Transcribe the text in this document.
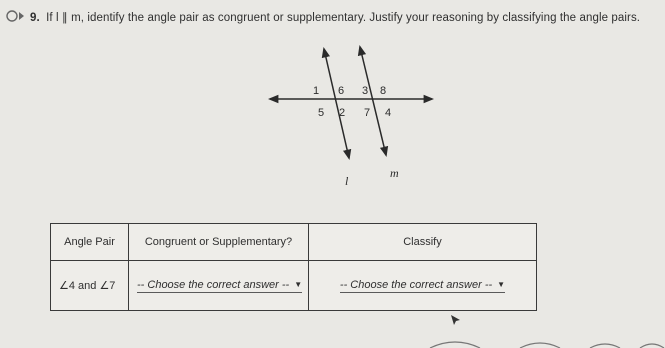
9. If l ∥ m, identify the angle pair as congruent or supplementary. Justify your reasoning by classifying the angle pairs.
1 6 3 8
5 2 7 4
l
m
Angle Pair	Congruent or Supplementary?	Classify
∠4 and ∠7	-- Choose the correct answer -- ▼	-- Choose the correct answer -- ▼
